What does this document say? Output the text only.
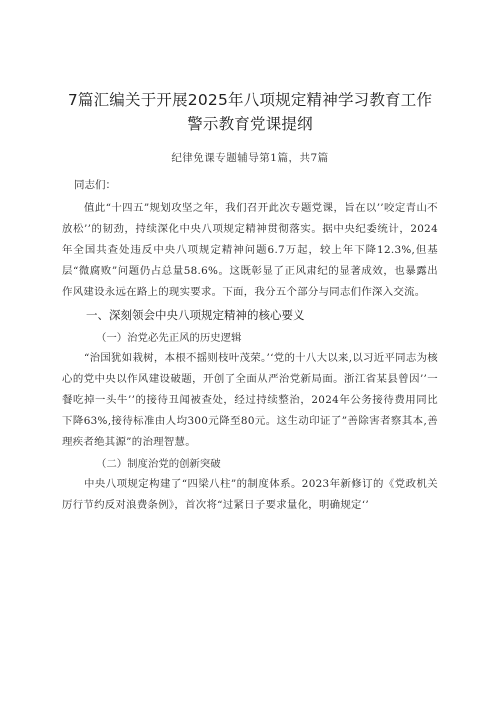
7篇汇编关于开展2025年八项规定精神学习教育工作
警示教育党课提纲
纪律免课专题辅导第1篇，共7篇
同志们：

值此“十四五”规划攻坚之年，我们召开此次专题党课，旨在以’’咬定青山不放松’’的韧劲，持续深化中央八项规定精神贯彻落实。据中央纪委统计，2024年全国共查处违反中央八项规定精神问题6.7万起，较上年下降12.3%,但基层“微腐败”问题仍占总量58.6%。这既彰显了正风肃纪的显著成效，也暴露出作风建设永远在路上的现实要求。下面，我分五个部分与同志们作深入交流。

一、深刻领会中央八项规定精神的核心要义
（一）治党必先正风的历史逻辑

“治国犹如栽树，本根不摇则枝叶茂荣。’‘党的十八大以来,以习近平同志为核心的党中央以作风建设破题，开创了全面从严治党新局面。浙江省某县曾因’’一餐吃掉一头牛’’的接待丑闻被查处，经过持续整治，2024年公务接待费用同比下降63%,接待标准由人均300元降至80元。这生动印证了”善除害者察其本,善理疾者绝其源”的治理智慧。

（二）制度治党的创新突破

中央八项规定构建了“四梁八柱”的制度体系。2023年新修订的《党政机关厉行节约反对浪费条例》，首次将“过紧日子要求量化，明确规定‘’
